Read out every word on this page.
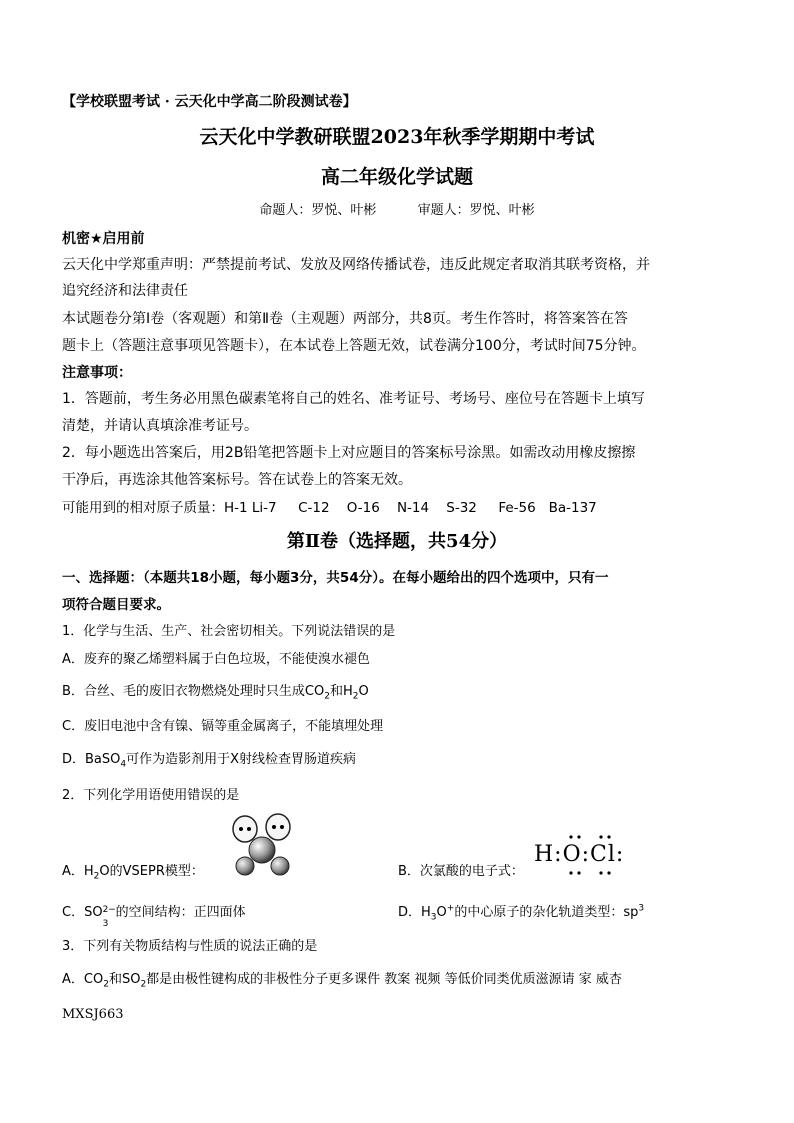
【学校联盟考试 · 云天化中学高二阶段测试卷】
云天化中学教研联盟2023年秋季学期期中考试
高二年级化学试题
命题人：罗悦、叶彬          审题人：罗悦、叶彬
机密★启用前
云天化中学郑重声明：严禁提前考试、发放及网络传播试卷，违反此规定者取消其联考资格，并
追究经济和法律责任
本试题卷分第Ⅰ卷（客观题）和第Ⅱ卷（主观题）两部分，共8页。考生作答时，将答案答在答
题卡上（答题注意事项见答题卡），在本试卷上答题无效，试卷满分100分，考试时间75分钟。
注意事项：
1．答题前，考生务必用黑色碳素笔将自己的姓名、准考证号、考场号、座位号在答题卡上填写
清楚，并请认真填涂准考证号。
2．每小题选出答案后，用2B铅笔把答题卡上对应题目的答案标号涂黑。如需改动用橡皮擦擦
干净后，再选涂其他答案标号。答在试卷上的答案无效。
可能用到的相对原子质量：H-1 Li-7     C-12    O-16    N-14    S-32     Fe-56   Ba-137
第Ⅱ卷（选择题，共54分）
一、选择题：（本题共18小题，每小题3分，共54分）。在每小题给出的四个选项中，只有一
项符合题目要求。
1．化学与生活、生产、社会密切相关。下列说法错误的是
A．废弃的聚乙烯塑料属于白色垃圾，不能使溴水褪色
B．合丝、毛的废旧衣物燃烧处理时只生成$CO_2$和$H_2O$
C．废旧电池中含有镍、镉等重金属离子，不能填埋处理
D．BaSO$_4$可作为造影剂用于X射线检查胃肠道疾病
2．下列化学用语使用错误的是
A．$H_2O$的VSEPR模型：	B．次氯酸的电子式：
H:O:Cl:
C．SO 2−
3
的空间结构：正四面体	D．$H_3O^+$的中心原子的杂化轨道类型：$sp^3$
3．下列有关物质结构与性质的说法正确的是
A．$CO_2$和$SO_2$都是由极性键构成的非极性分子更多课件 教案 视频 等低价同类优质滋源请 家 威杏
MXSJ663
